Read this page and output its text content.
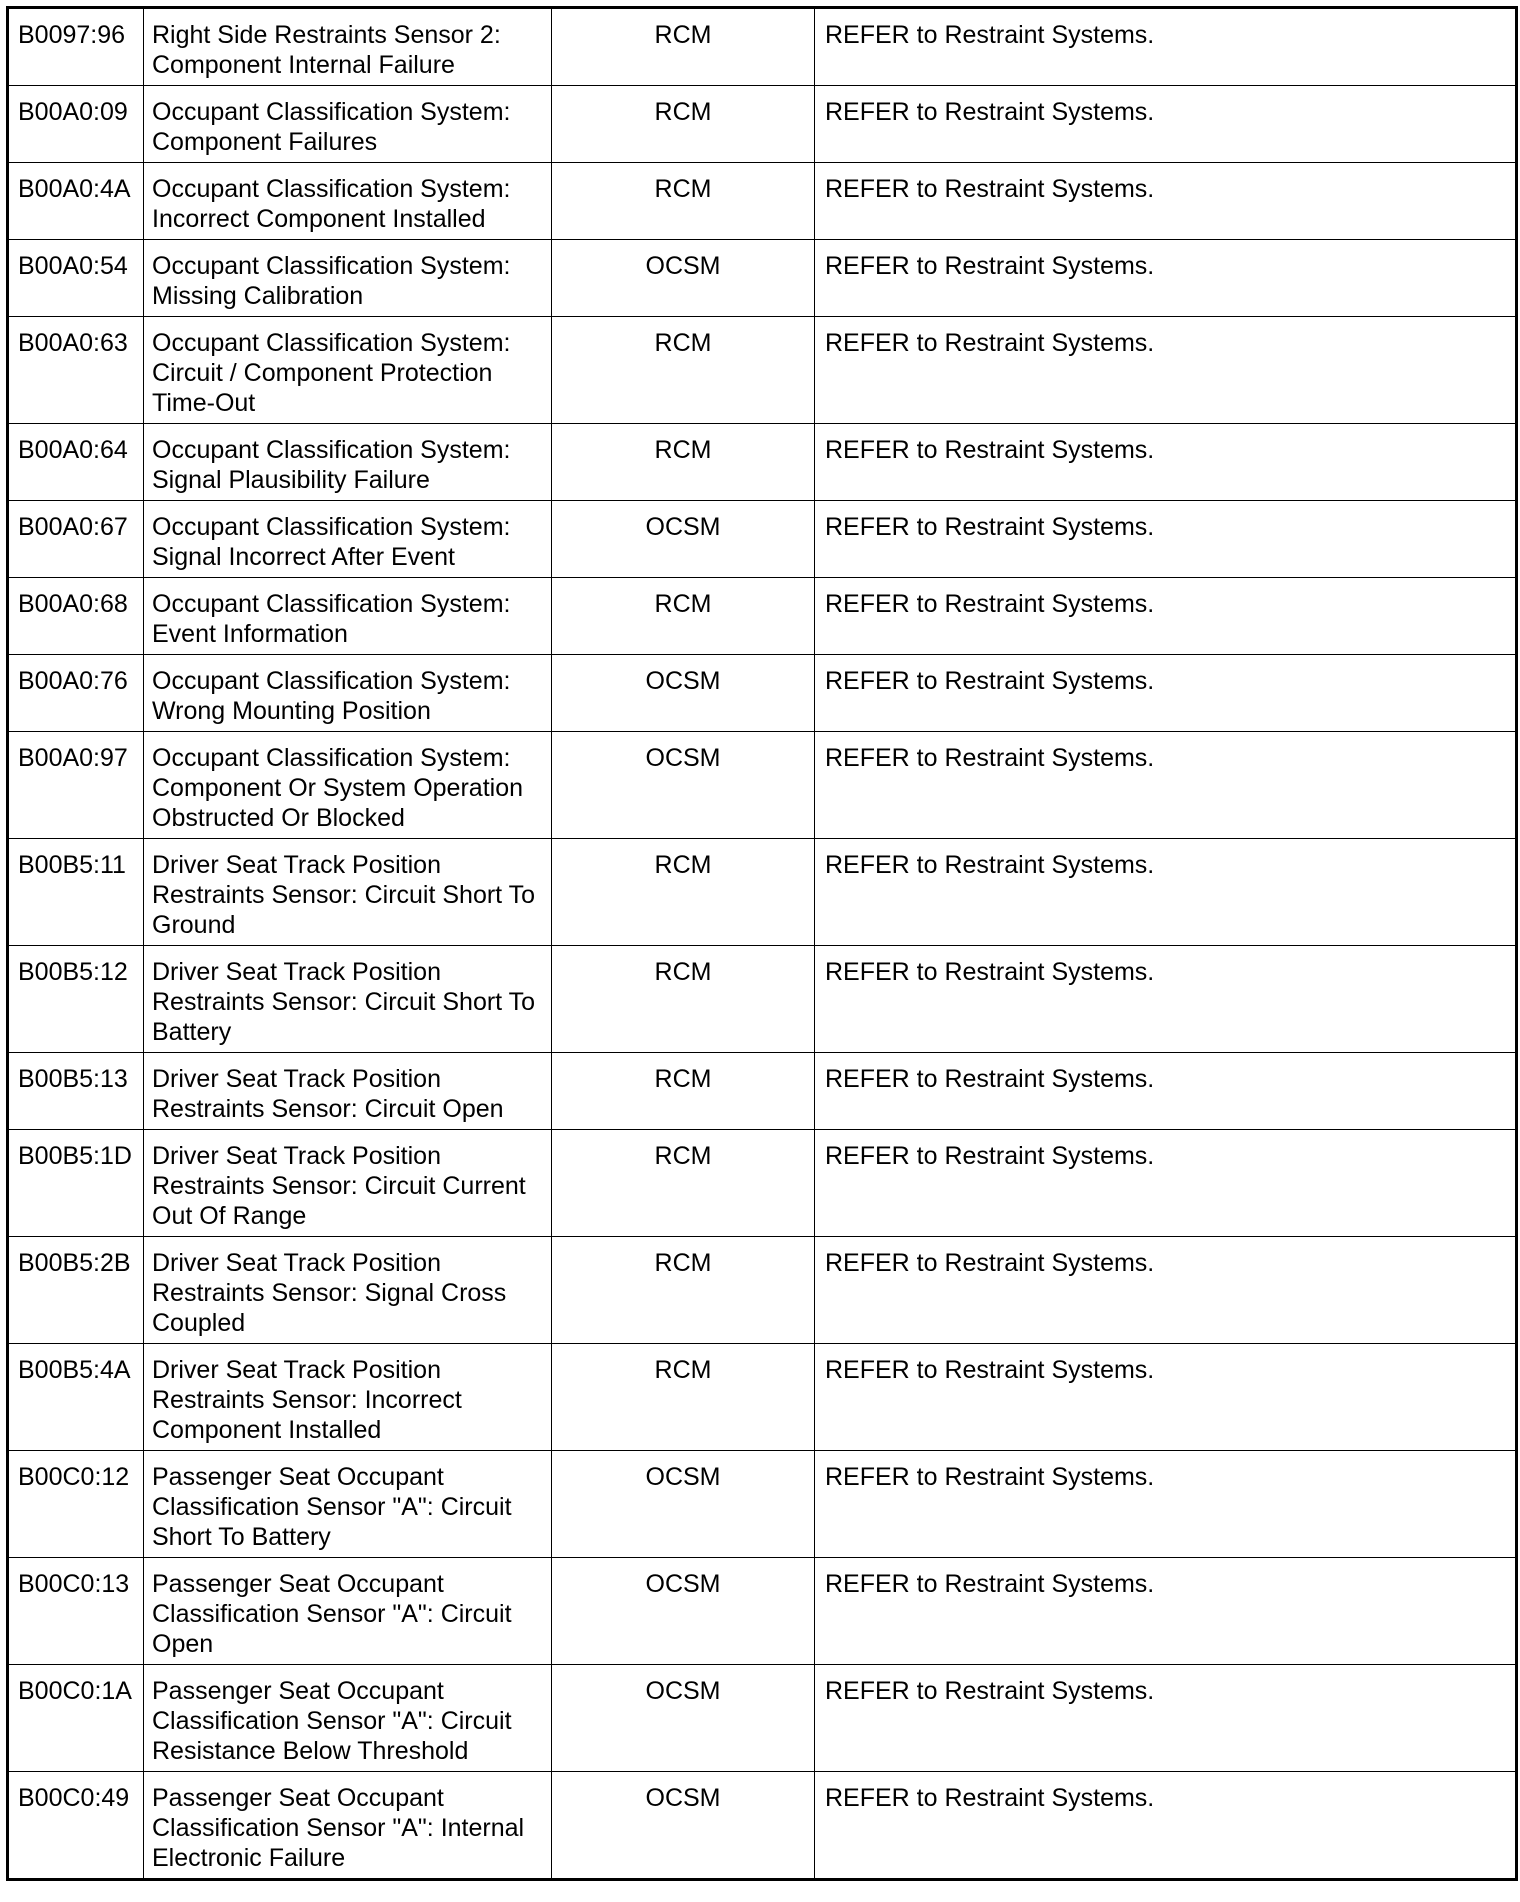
B0097:96	Right Side Restraints Sensor 2:
Component Internal Failure	RCM	REFER to Restraint Systems.
B00A0:09	Occupant Classification System:
Component Failures	RCM	REFER to Restraint Systems.
B00A0:4A	Occupant Classification System:
Incorrect Component Installed	RCM	REFER to Restraint Systems.
B00A0:54	Occupant Classification System:
Missing Calibration	OCSM	REFER to Restraint Systems.
B00A0:63	Occupant Classification System:
Circuit / Component Protection
Time-Out	RCM	REFER to Restraint Systems.
B00A0:64	Occupant Classification System:
Signal Plausibility Failure	RCM	REFER to Restraint Systems.
B00A0:67	Occupant Classification System:
Signal Incorrect After Event	OCSM	REFER to Restraint Systems.
B00A0:68	Occupant Classification System:
Event Information	RCM	REFER to Restraint Systems.
B00A0:76	Occupant Classification System:
Wrong Mounting Position	OCSM	REFER to Restraint Systems.
B00A0:97	Occupant Classification System:
Component Or System Operation
Obstructed Or Blocked	OCSM	REFER to Restraint Systems.
B00B5:11	Driver Seat Track Position
Restraints Sensor: Circuit Short To
Ground	RCM	REFER to Restraint Systems.
B00B5:12	Driver Seat Track Position
Restraints Sensor: Circuit Short To
Battery	RCM	REFER to Restraint Systems.
B00B5:13	Driver Seat Track Position
Restraints Sensor: Circuit Open	RCM	REFER to Restraint Systems.
B00B5:1D	Driver Seat Track Position
Restraints Sensor: Circuit Current
Out Of Range	RCM	REFER to Restraint Systems.
B00B5:2B	Driver Seat Track Position
Restraints Sensor: Signal Cross
Coupled	RCM	REFER to Restraint Systems.
B00B5:4A	Driver Seat Track Position
Restraints Sensor: Incorrect
Component Installed	RCM	REFER to Restraint Systems.
B00C0:12	Passenger Seat Occupant
Classification Sensor "A": Circuit
Short To Battery	OCSM	REFER to Restraint Systems.
B00C0:13	Passenger Seat Occupant
Classification Sensor "A": Circuit
Open	OCSM	REFER to Restraint Systems.
B00C0:1A	Passenger Seat Occupant
Classification Sensor "A": Circuit
Resistance Below Threshold	OCSM	REFER to Restraint Systems.
B00C0:49	Passenger Seat Occupant
Classification Sensor "A": Internal
Electronic Failure	OCSM	REFER to Restraint Systems.
